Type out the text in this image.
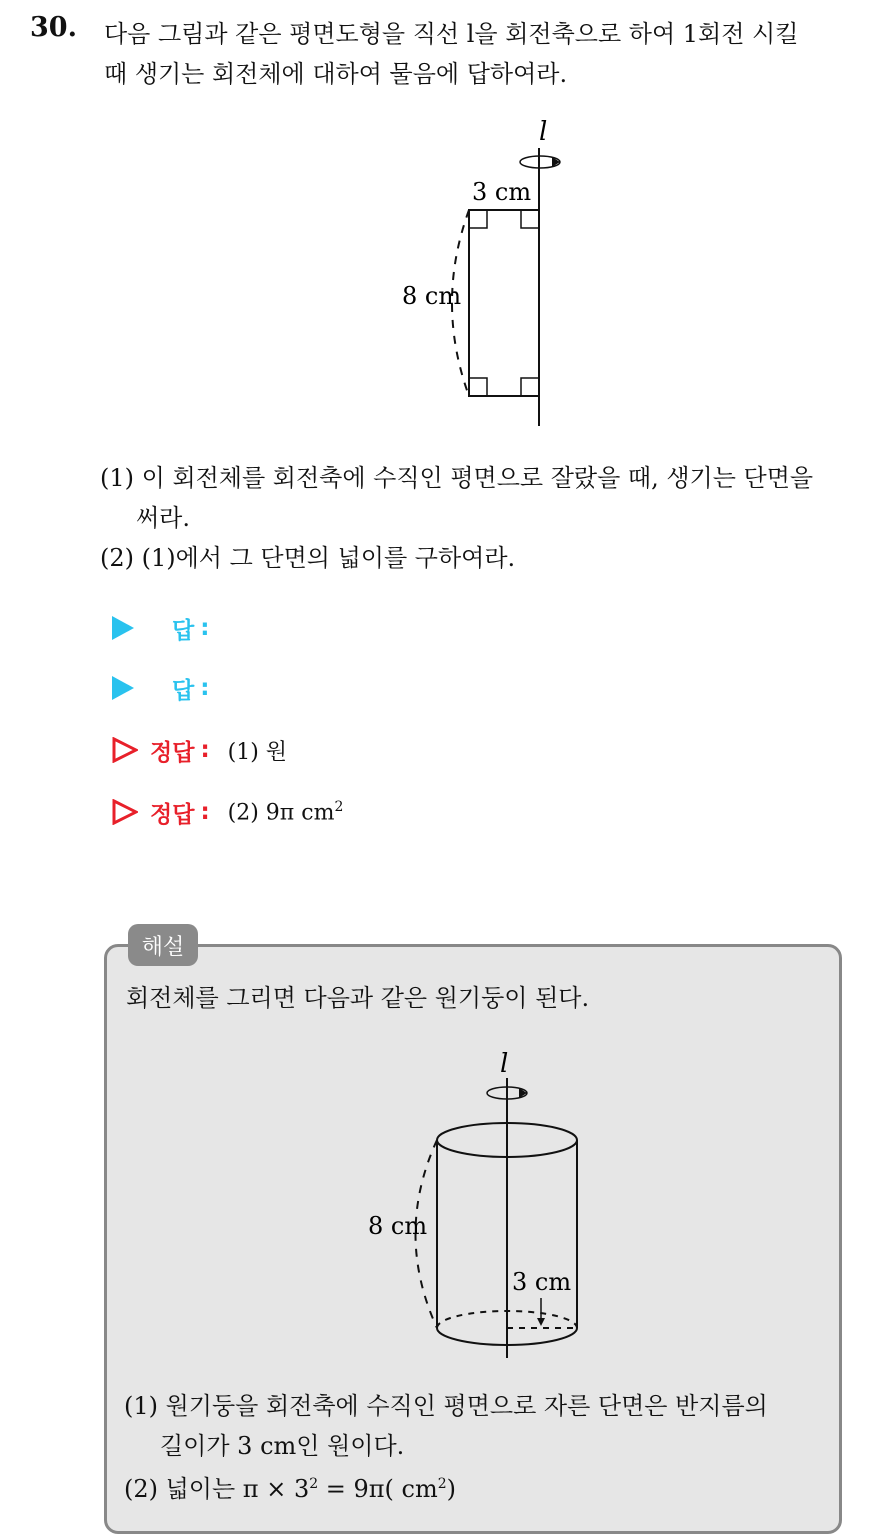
30. 다음 그림과 같은 평면도형을 직선 l을 회전축으로 하여 1회전 시킬
때 생기는 회전체에 대하여 물음에 답하여라.
l
3 cm
8 cm
(1) 이 회전체를 회전축에 수직인 평면으로 잘랐을 때, 생기는 단면을
써라.
(2) (1)에서 그 단면의 넓이를 구하여라.
답 :
답 :
정답 : (1) 원
정답 : (2) 9π $cm^2$
해설
회전체를 그리면 다음과 같은 원기둥이 된다.
l
8 cm
3 cm
(1) 원기둥을 회전축에 수직인 평면으로 자른 단면은 반지름의
길이가 3 cm인 원이다.
(2) 넓이는 $\pi \times 3^2 = 9\pi$( $cm^2$)
